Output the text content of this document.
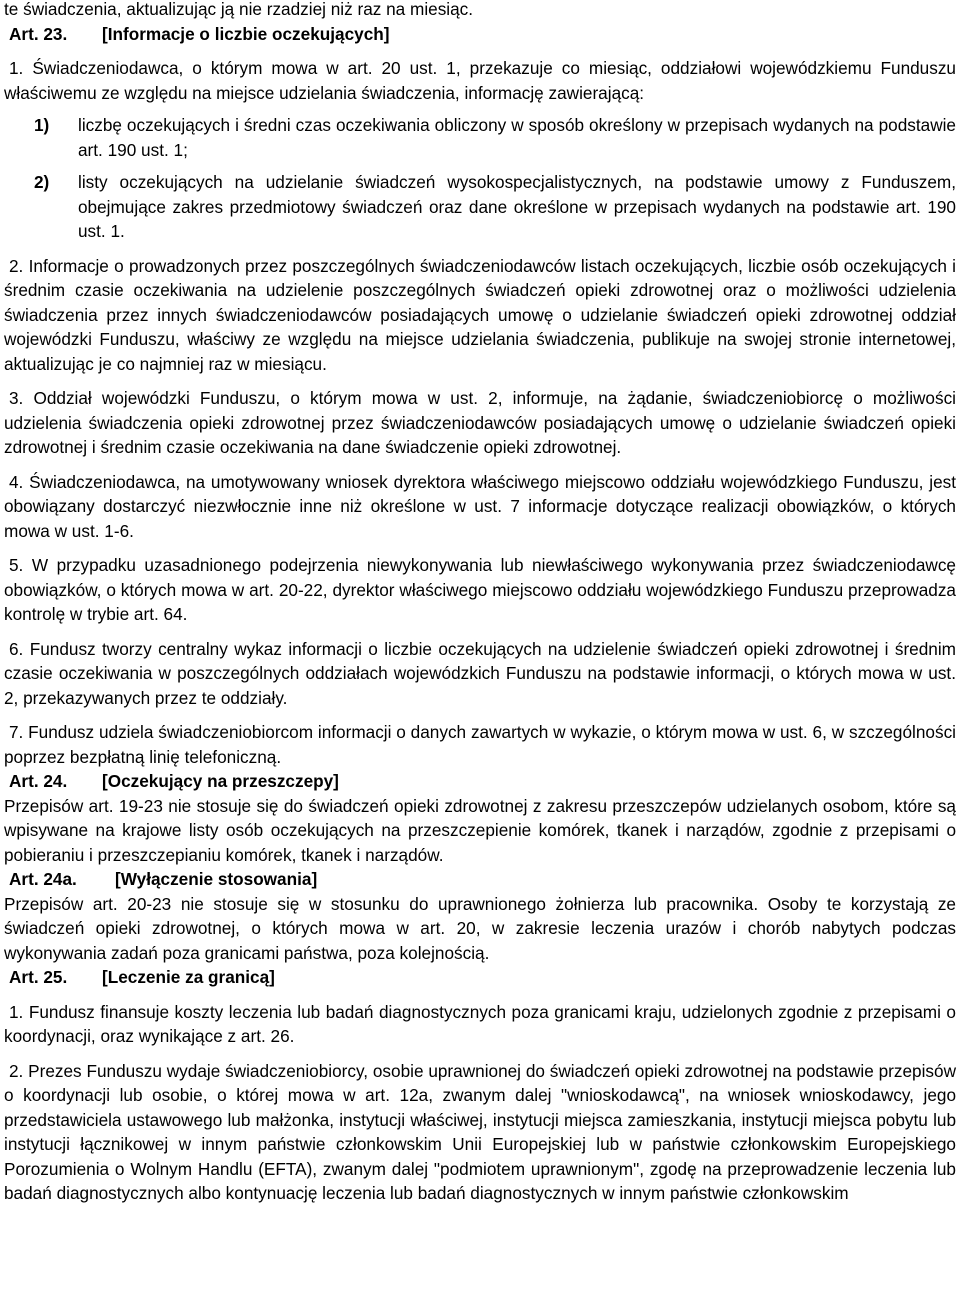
te świadczenia, aktualizując ją nie rzadziej niż raz na miesiąc.

Art. 23. [Informacje o liczbie oczekujących]

1. Świadczeniodawca, o którym mowa w art. 20 ust. 1, przekazuje co miesiąc, oddziałowi wojewódzkiemu Funduszu właściwemu ze względu na miejsce udzielania świadczenia, informację zawierającą:

1) liczbę oczekujących i średni czas oczekiwania obliczony w sposób określony w przepisach wydanych na podstawie art. 190 ust. 1;
2) listy oczekujących na udzielanie świadczeń wysokospecjalistycznych, na podstawie umowy z Funduszem, obejmujące zakres przedmiotowy świadczeń oraz dane określone w przepisach wydanych na podstawie art. 190 ust. 1.

2. Informacje o prowadzonych przez poszczególnych świadczeniodawców listach oczekujących, liczbie osób oczekujących i średnim czasie oczekiwania na udzielenie poszczególnych świadczeń opieki zdrowotnej oraz o możliwości udzielenia świadczenia przez innych świadczeniodawców posiadających umowę o udzielanie świadczeń opieki zdrowotnej oddział wojewódzki Funduszu, właściwy ze względu na miejsce udzielania świadczenia, publikuje na swojej stronie internetowej, aktualizując je co najmniej raz w miesiącu.

3. Oddział wojewódzki Funduszu, o którym mowa w ust. 2, informuje, na żądanie, świadczeniobiorcę o możliwości udzielenia świadczenia opieki zdrowotnej przez świadczeniodawców posiadających umowę o udzielanie świadczeń opieki zdrowotnej i średnim czasie oczekiwania na dane świadczenie opieki zdrowotnej.

4. Świadczeniodawca, na umotywowany wniosek dyrektora właściwego miejscowo oddziału wojewódzkiego Funduszu, jest obowiązany dostarczyć niezwłocznie inne niż określone w ust. 7 informacje dotyczące realizacji obowiązków, o których mowa w ust. 1-6.

5. W przypadku uzasadnionego podejrzenia niewykonywania lub niewłaściwego wykonywania przez świadczeniodawcę obowiązków, o których mowa w art. 20-22, dyrektor właściwego miejscowo oddziału wojewódzkiego Funduszu przeprowadza kontrolę w trybie art. 64.

6. Fundusz tworzy centralny wykaz informacji o liczbie oczekujących na udzielenie świadczeń opieki zdrowotnej i średnim czasie oczekiwania w poszczególnych oddziałach wojewódzkich Funduszu na podstawie informacji, o których mowa w ust. 2, przekazywanych przez te oddziały.

7. Fundusz udziela świadczeniobiorcom informacji o danych zawartych w wykazie, o którym mowa w ust. 6, w szczególności poprzez bezpłatną linię telefoniczną.

Art. 24. [Oczekujący na przeszczepy]

Przepisów art. 19-23 nie stosuje się do świadczeń opieki zdrowotnej z zakresu przeszczepów udzielanych osobom, które są wpisywane na krajowe listy osób oczekujących na przeszczepienie komórek, tkanek i narządów, zgodnie z przepisami o pobieraniu i przeszczepianiu komórek, tkanek i narządów.

Art. 24a. [Wyłączenie stosowania]

Przepisów art. 20-23 nie stosuje się w stosunku do uprawnionego żołnierza lub pracownika. Osoby te korzystają ze świadczeń opieki zdrowotnej, o których mowa w art. 20, w zakresie leczenia urazów i chorób nabytych podczas wykonywania zadań poza granicami państwa, poza kolejnością.

Art. 25. [Leczenie za granicą]

1. Fundusz finansuje koszty leczenia lub badań diagnostycznych poza granicami kraju, udzielonych zgodnie z przepisami o koordynacji, oraz wynikające z art. 26.

2. Prezes Funduszu wydaje świadczeniobiorcy, osobie uprawnionej do świadczeń opieki zdrowotnej na podstawie przepisów o koordynacji lub osobie, o której mowa w art. 12a, zwanym dalej "wnioskodawcą", na wniosek wnioskodawcy, jego przedstawiciela ustawowego lub małżonka, instytucji właściwej, instytucji miejsca zamieszkania, instytucji miejsca pobytu lub instytucji łącznikowej w innym państwie członkowskim Unii Europejskiej lub w państwie członkowskim Europejskiego Porozumienia o Wolnym Handlu (EFTA), zwanym dalej "podmiotem uprawnionym", zgodę na przeprowadzenie leczenia lub badań diagnostycznych albo kontynuację leczenia lub badań diagnostycznych w innym państwie członkowskim
